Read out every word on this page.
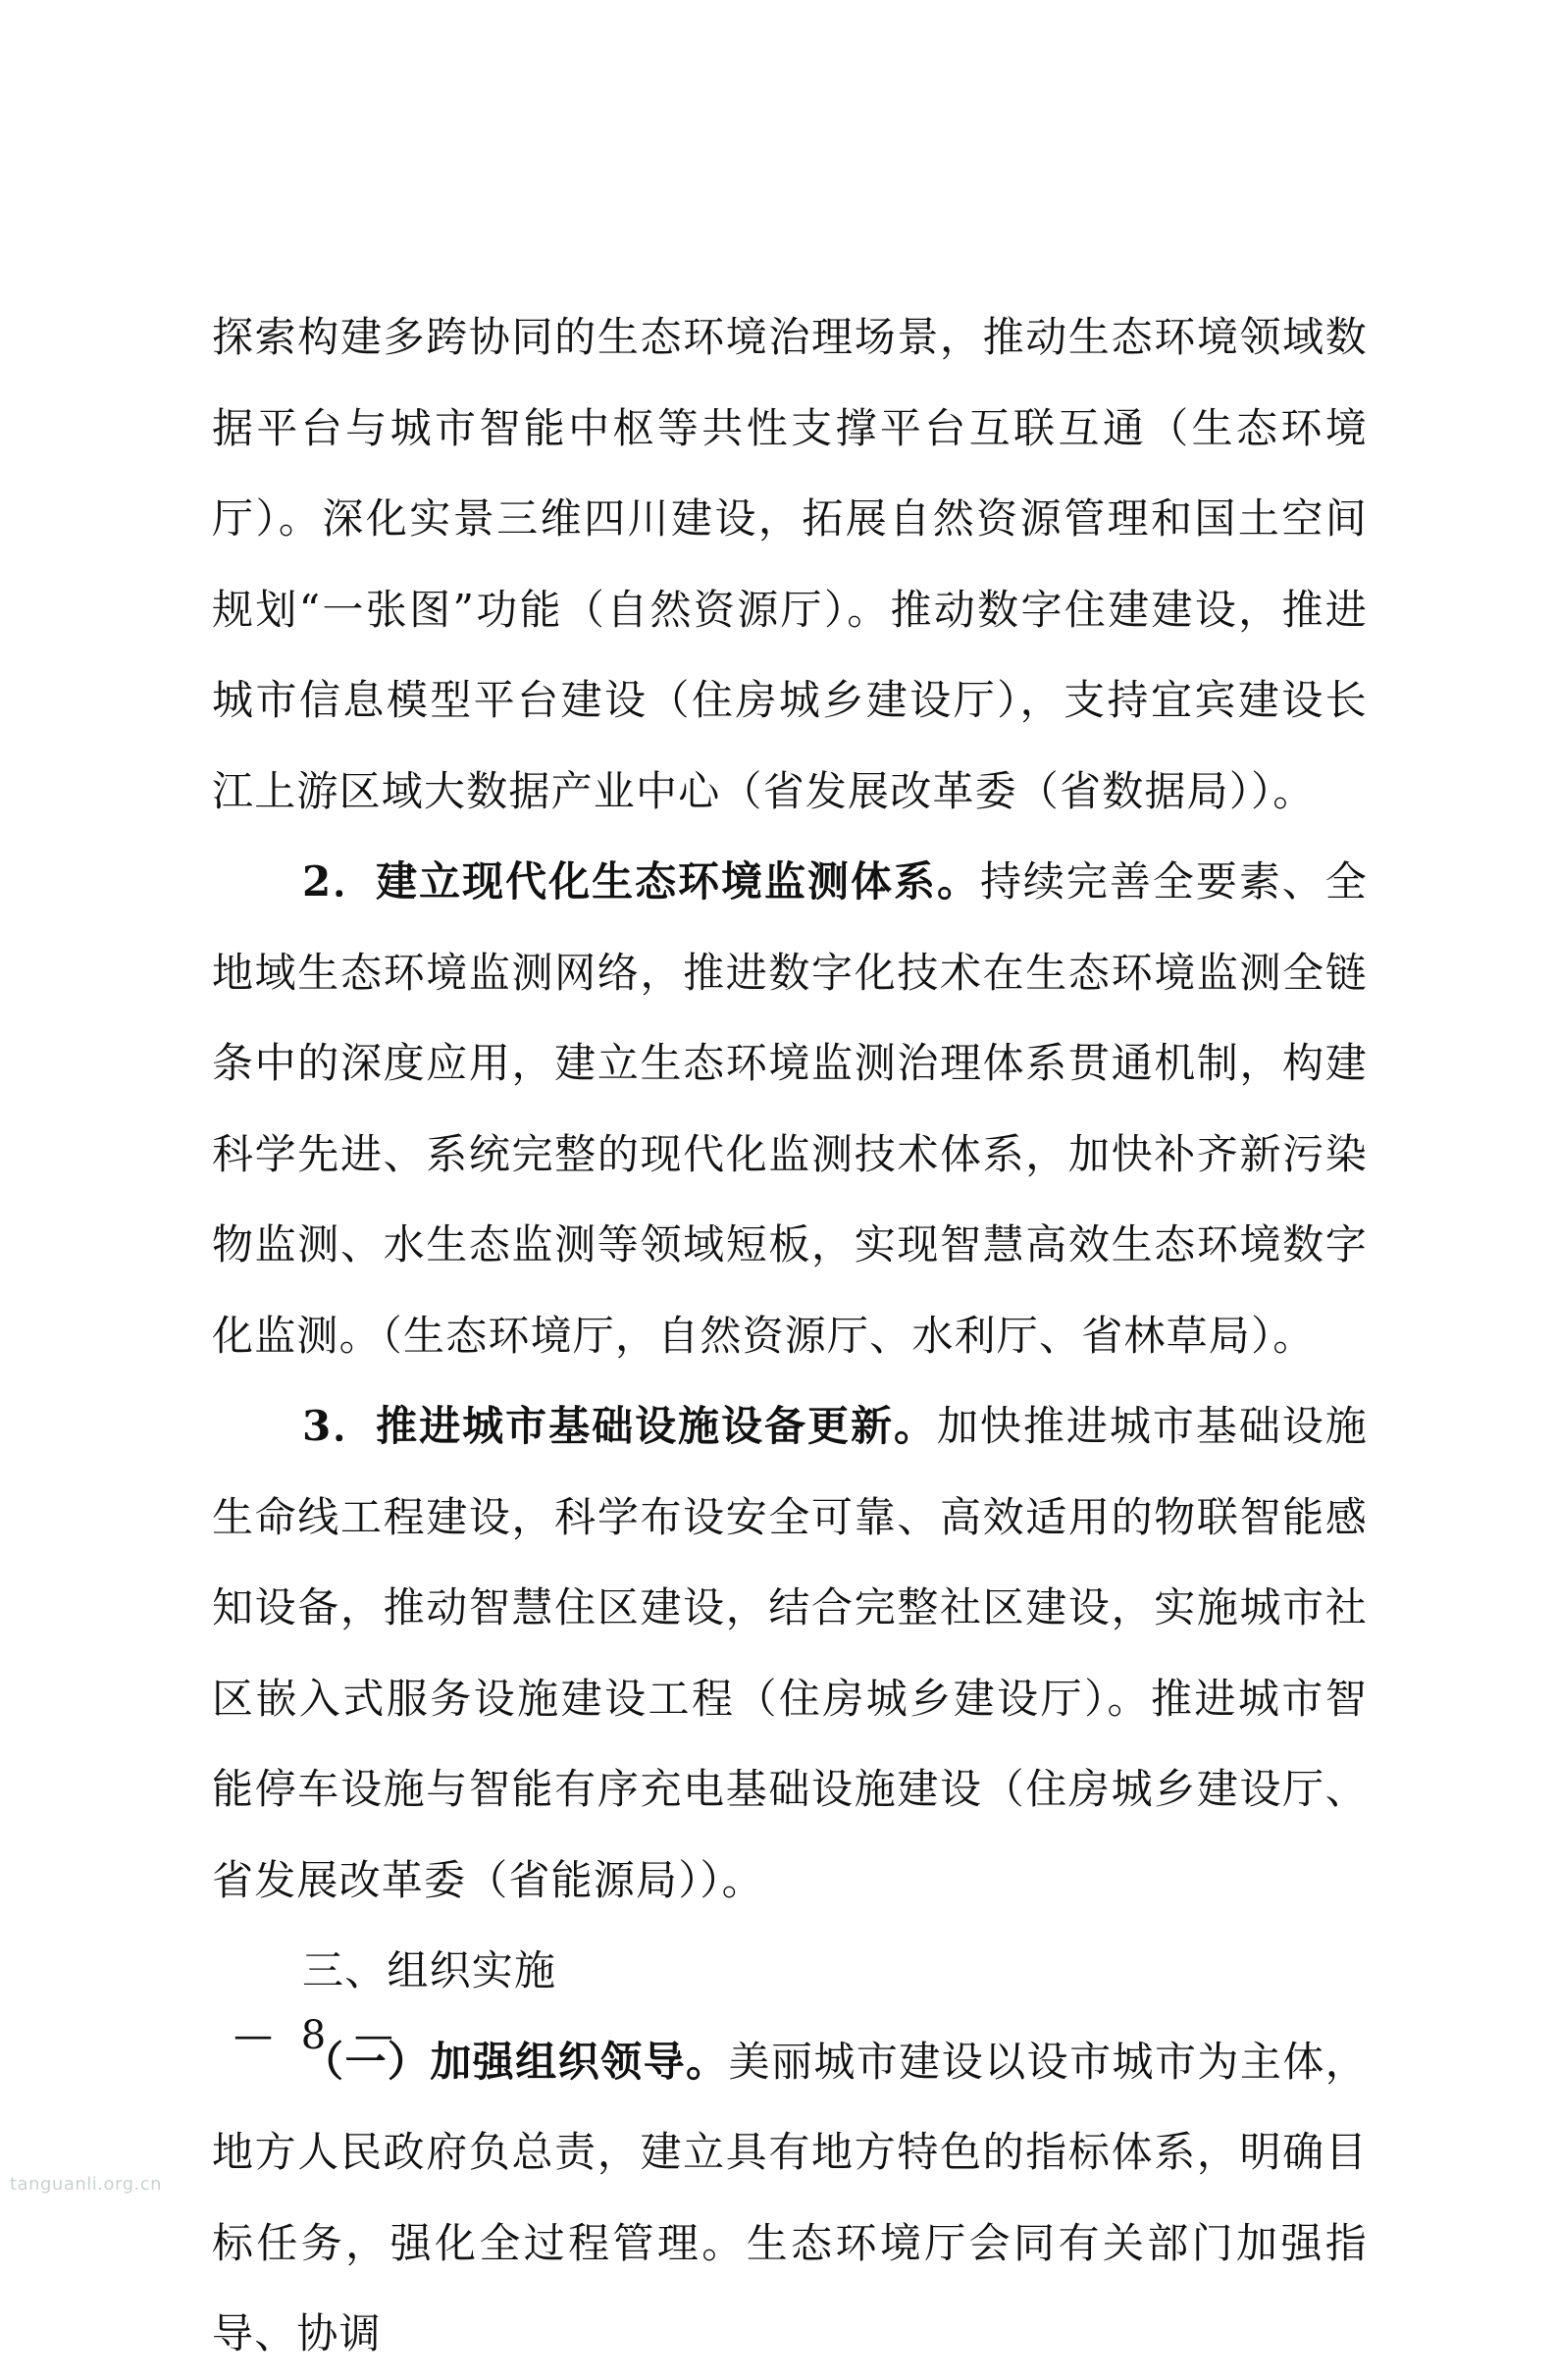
探索构建多跨协同的生态环境治理场景，推动生态环境领域数据平台与城市智能中枢等共性支撑平台互联互通（生态环境厅）。深化实景三维四川建设，拓展自然资源管理和国土空间规划“一张图”功能（自然资源厅）。推动数字住建建设，推进城市信息模型平台建设（住房城乡建设厅），支持宜宾建设长江上游区域大数据产业中心（省发展改革委（省数据局））。

2．建立现代化生态环境监测体系。持续完善全要素、全地域生态环境监测网络，推进数字化技术在生态环境监测全链条中的深度应用，建立生态环境监测治理体系贯通机制，构建科学先进、系统完整的现代化监测技术体系，加快补齐新污染物监测、水生态监测等领域短板，实现智慧高效生态环境数字化监测。（生态环境厅，自然资源厅、水利厅、省林草局）。

3．推进城市基础设施设备更新。加快推进城市基础设施生命线工程建设，科学布设安全可靠、高效适用的物联智能感知设备，推动智慧住区建设，结合完整社区建设，实施城市社区嵌入式服务设施建设工程（住房城乡建设厅）。推进城市智能停车设施与智能有序充电基础设施建设（住房城乡建设厅、省发展改革委（省能源局））。

三、组织实施

（一）加强组织领导。美丽城市建设以设市城市为主体，地方人民政府负总责，建立具有地方特色的指标体系，明确目标任务，强化全过程管理。生态环境厅会同有关部门加强指导、协调

— 8 —
tanguanli.org.cn
